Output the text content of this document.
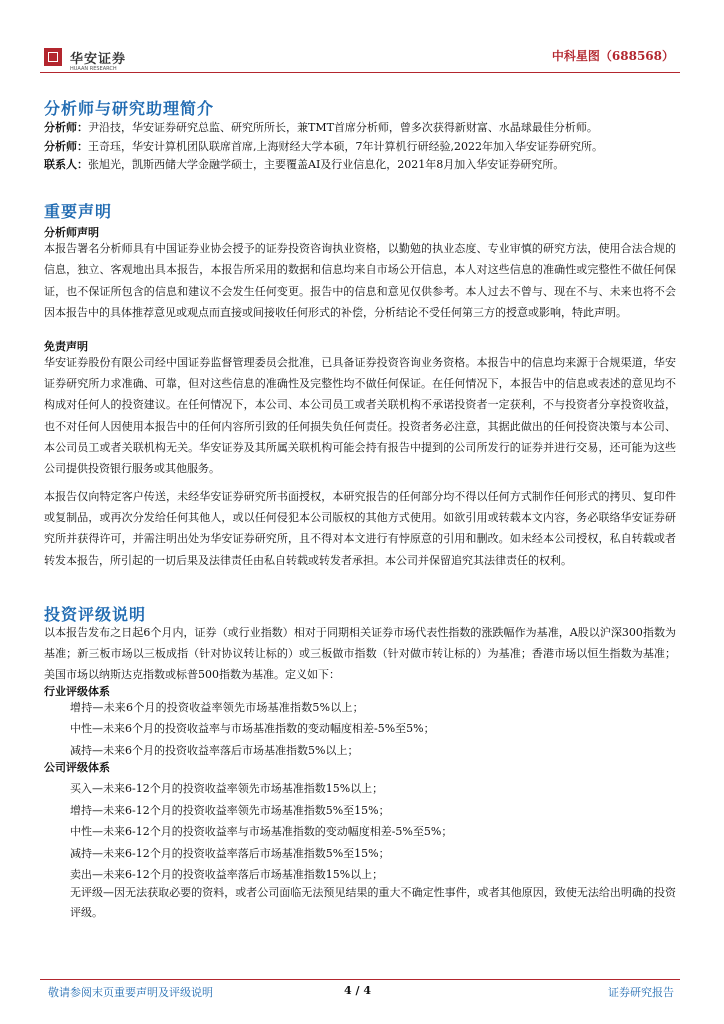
华安证券
HUAAN RESEARCH
中科星图（688568）
分析师与研究助理简介
分析师：尹沿技，华安证券研究总监、研究所所长，兼TMT首席分析师，曾多次获得新财富、水晶球最佳分析师。
分析师：王奇珏，华安计算机团队联席首席,上海财经大学本硕，7年计算机行研经验,2022年加入华安证券研究所。
联系人：张旭光，凯斯西储大学金融学硕士，主要覆盖AI及行业信息化，2021年8月加入华安证券研究所。
重要声明
分析师声明
本报告署名分析师具有中国证券业协会授予的证券投资咨询执业资格，以勤勉的执业态度、专业审慎的研究方法，使用合法合规的信息，独立、客观地出具本报告，本报告所采用的数据和信息均来自市场公开信息，本人对这些信息的准确性或完整性不做任何保证，也不保证所包含的信息和建议不会发生任何变更。报告中的信息和意见仅供参考。本人过去不曾与、现在不与、未来也将不会因本报告中的具体推荐意见或观点而直接或间接收任何形式的补偿，分析结论不受任何第三方的授意或影响，特此声明。
免责声明
华安证券股份有限公司经中国证券监督管理委员会批准，已具备证券投资咨询业务资格。本报告中的信息均来源于合规渠道，华安证券研究所力求准确、可靠，但对这些信息的准确性及完整性均不做任何保证。在任何情况下，本报告中的信息或表述的意见均不构成对任何人的投资建议。在任何情况下，本公司、本公司员工或者关联机构不承诺投资者一定获利，不与投资者分享投资收益，也不对任何人因使用本报告中的任何内容所引致的任何损失负任何责任。投资者务必注意，其据此做出的任何投资决策与本公司、本公司员工或者关联机构无关。华安证券及其所属关联机构可能会持有报告中提到的公司所发行的证券并进行交易，还可能为这些公司提供投资银行服务或其他服务。
本报告仅向特定客户传送，未经华安证券研究所书面授权，本研究报告的任何部分均不得以任何方式制作任何形式的拷贝、复印件或复制品，或再次分发给任何其他人，或以任何侵犯本公司版权的其他方式使用。如欲引用或转载本文内容，务必联络华安证券研究所并获得许可，并需注明出处为华安证券研究所，且不得对本文进行有悖原意的引用和删改。如未经本公司授权，私自转载或者转发本报告，所引起的一切后果及法律责任由私自转载或转发者承担。本公司并保留追究其法律责任的权利。
投资评级说明
以本报告发布之日起6个月内，证券（或行业指数）相对于同期相关证券市场代表性指数的涨跌幅作为基准，A股以沪深300指数为基准；新三板市场以三板成指（针对协议转让标的）或三板做市指数（针对做市转让标的）为基准；香港市场以恒生指数为基准；美国市场以纳斯达克指数或标普500指数为基准。定义如下：
行业评级体系
增持—未来6个月的投资收益率领先市场基准指数5%以上；
中性—未来6个月的投资收益率与市场基准指数的变动幅度相差-5%至5%；
减持—未来6个月的投资收益率落后市场基准指数5%以上；
公司评级体系
买入—未来6-12个月的投资收益率领先市场基准指数15%以上；
增持—未来6-12个月的投资收益率领先市场基准指数5%至15%；
中性—未来6-12个月的投资收益率与市场基准指数的变动幅度相差-5%至5%；
减持—未来6-12个月的投资收益率落后市场基准指数5%至15%；
卖出—未来6-12个月的投资收益率落后市场基准指数15%以上；
无评级—因无法获取必要的资料，或者公司面临无法预见结果的重大不确定性事件，或者其他原因，致使无法给出明确的投资评级。
敬请参阅末页重要声明及评级说明	4 / 4	证券研究报告
